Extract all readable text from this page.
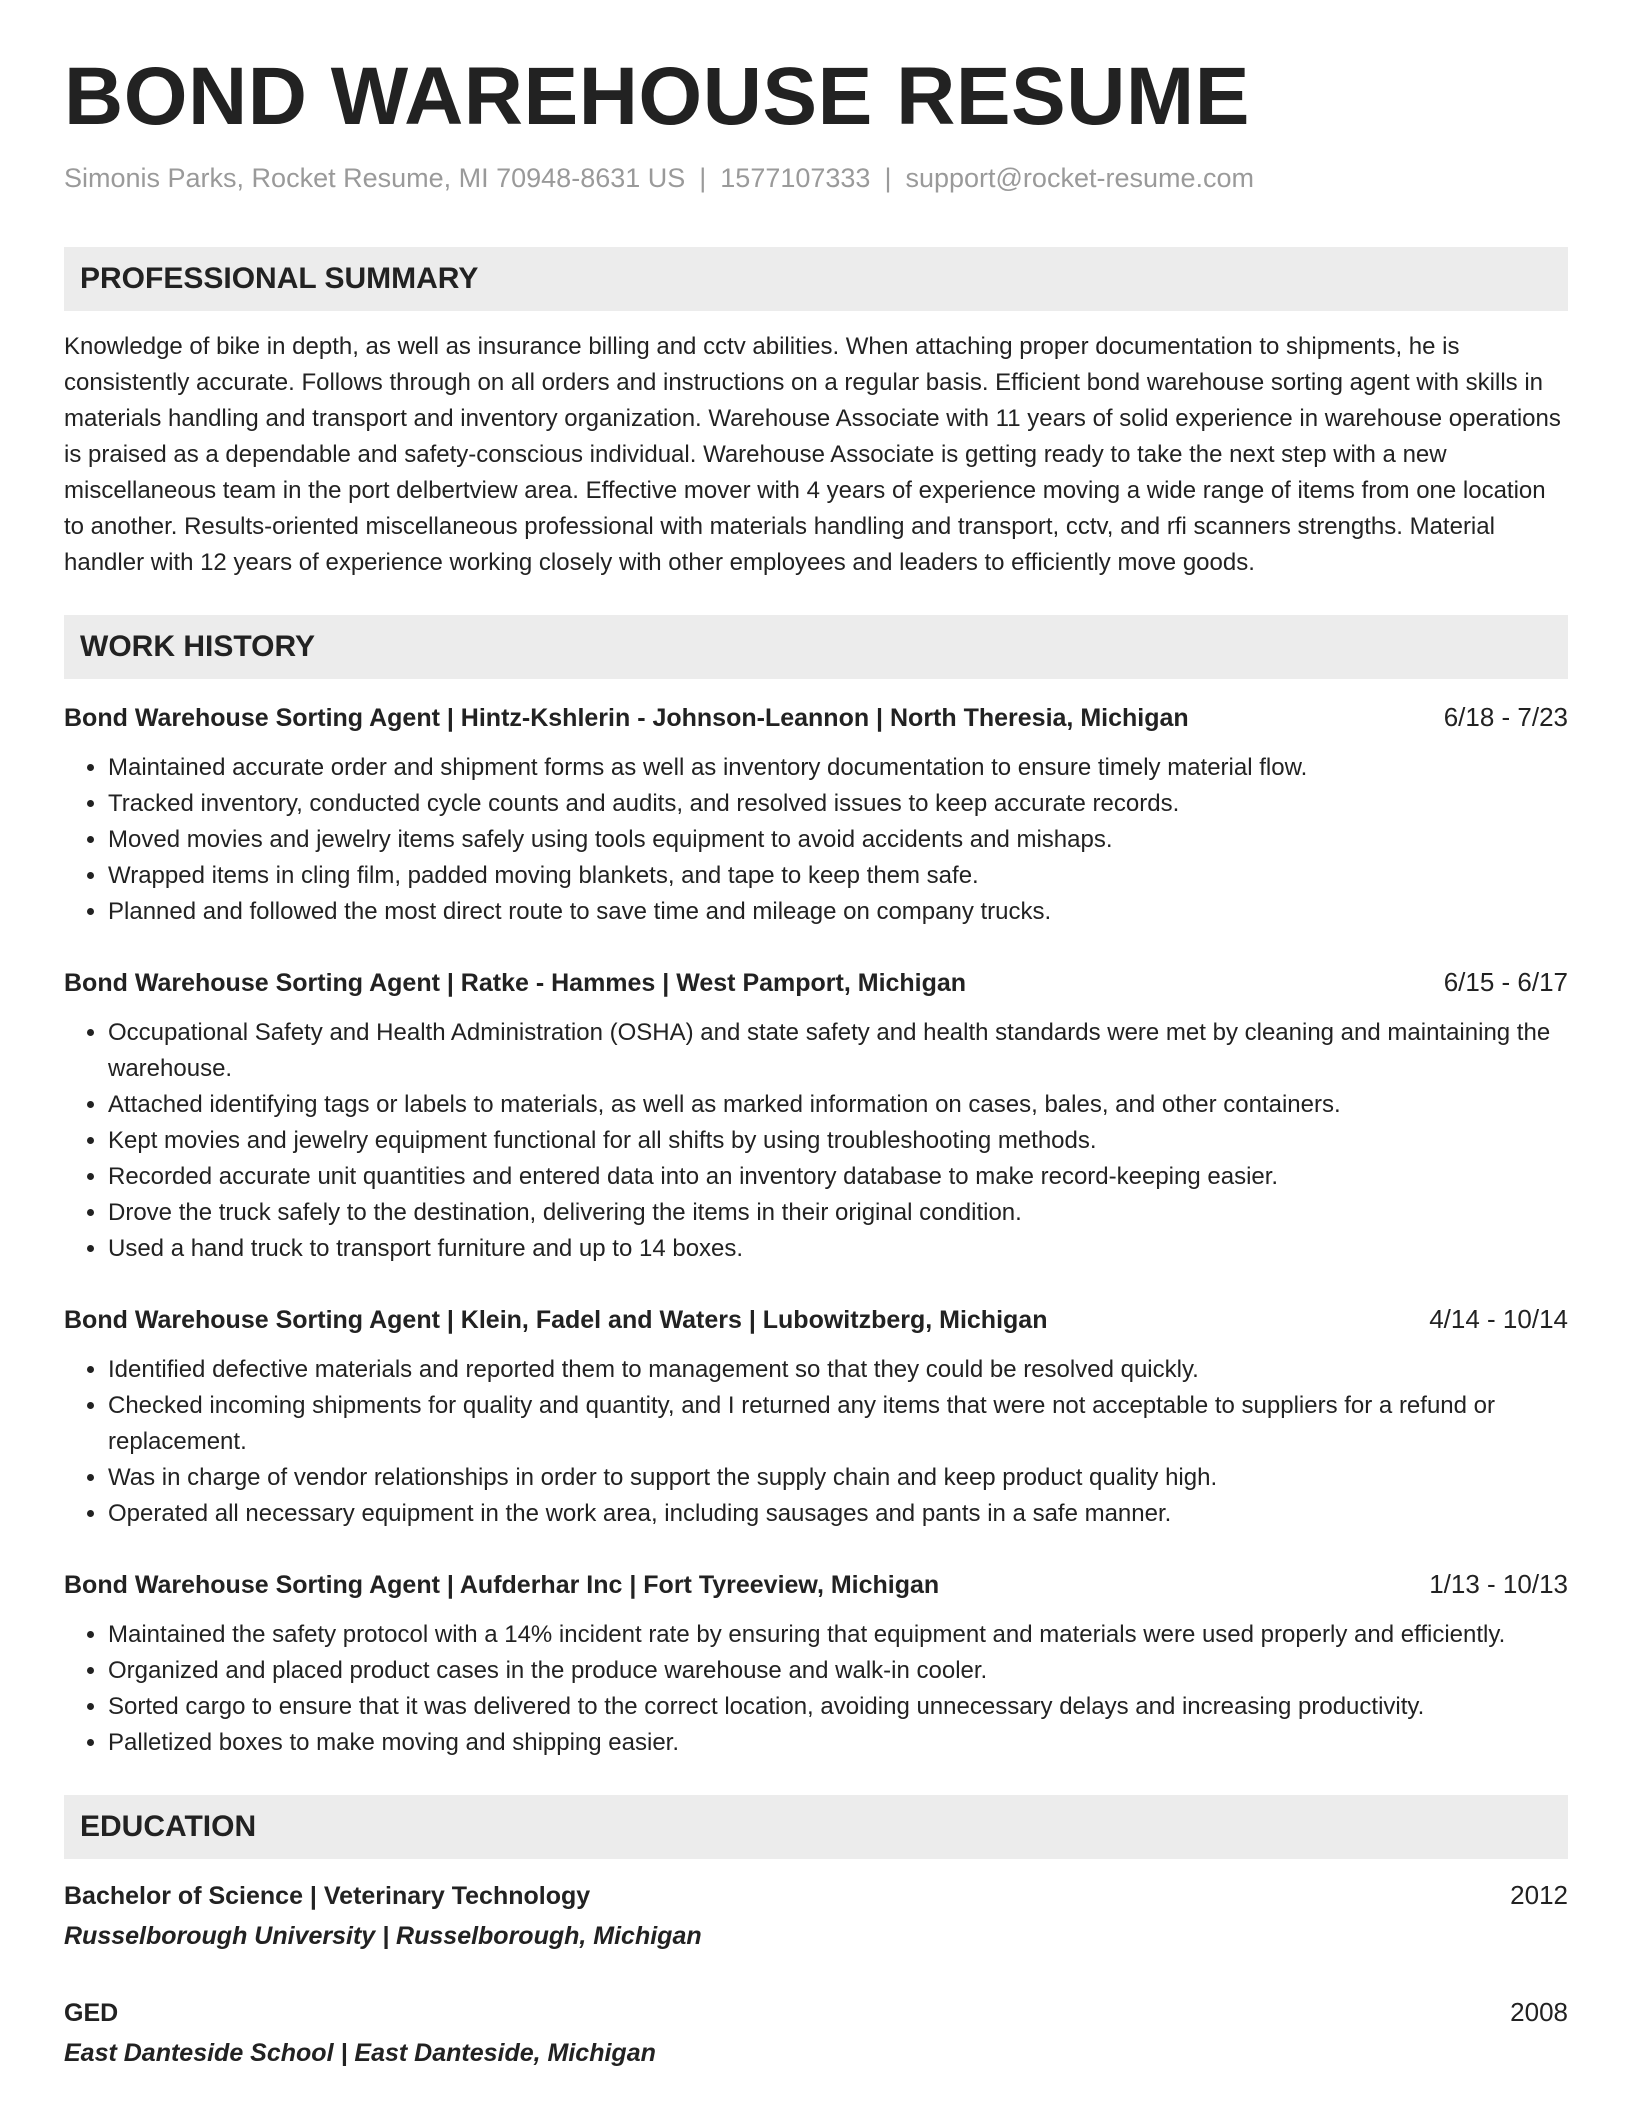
BOND WAREHOUSE RESUME
Simonis Parks, Rocket Resume, MI 70948-8631 US | 1577107333 | support@rocket-resume.com
PROFESSIONAL SUMMARY
Knowledge of bike in depth, as well as insurance billing and cctv abilities. When attaching proper documentation to shipments, he is consistently accurate. Follows through on all orders and instructions on a regular basis. Efficient bond warehouse sorting agent with skills in materials handling and transport and inventory organization. Warehouse Associate with 11 years of solid experience in warehouse operations is praised as a dependable and safety-conscious individual. Warehouse Associate is getting ready to take the next step with a new miscellaneous team in the port delbertview area. Effective mover with 4 years of experience moving a wide range of items from one location to another. Results-oriented miscellaneous professional with materials handling and transport, cctv, and rfi scanners strengths. Material handler with 12 years of experience working closely with other employees and leaders to efficiently move goods.
WORK HISTORY
Bond Warehouse Sorting Agent | Hintz-Kshlerin - Johnson-Leannon | North Theresia, Michigan	6/18 - 7/23
• Maintained accurate order and shipment forms as well as inventory documentation to ensure timely material flow.
• Tracked inventory, conducted cycle counts and audits, and resolved issues to keep accurate records.
• Moved movies and jewelry items safely using tools equipment to avoid accidents and mishaps.
• Wrapped items in cling film, padded moving blankets, and tape to keep them safe.
• Planned and followed the most direct route to save time and mileage on company trucks.
Bond Warehouse Sorting Agent | Ratke - Hammes | West Pamport, Michigan	6/15 - 6/17
• Occupational Safety and Health Administration (OSHA) and state safety and health standards were met by cleaning and maintaining the warehouse.
• Attached identifying tags or labels to materials, as well as marked information on cases, bales, and other containers.
• Kept movies and jewelry equipment functional for all shifts by using troubleshooting methods.
• Recorded accurate unit quantities and entered data into an inventory database to make record-keeping easier.
• Drove the truck safely to the destination, delivering the items in their original condition.
• Used a hand truck to transport furniture and up to 14 boxes.
Bond Warehouse Sorting Agent | Klein, Fadel and Waters | Lubowitzberg, Michigan	4/14 - 10/14
• Identified defective materials and reported them to management so that they could be resolved quickly.
• Checked incoming shipments for quality and quantity, and I returned any items that were not acceptable to suppliers for a refund or replacement.
• Was in charge of vendor relationships in order to support the supply chain and keep product quality high.
• Operated all necessary equipment in the work area, including sausages and pants in a safe manner.
Bond Warehouse Sorting Agent | Aufderhar Inc | Fort Tyreeview, Michigan	1/13 - 10/13
• Maintained the safety protocol with a 14% incident rate by ensuring that equipment and materials were used properly and efficiently.
• Organized and placed product cases in the produce warehouse and walk-in cooler.
• Sorted cargo to ensure that it was delivered to the correct location, avoiding unnecessary delays and increasing productivity.
• Palletized boxes to make moving and shipping easier.
EDUCATION
Bachelor of Science | Veterinary Technology	2012
Russelborough University | Russelborough, Michigan
GED	2008
East Danteside School | East Danteside, Michigan
